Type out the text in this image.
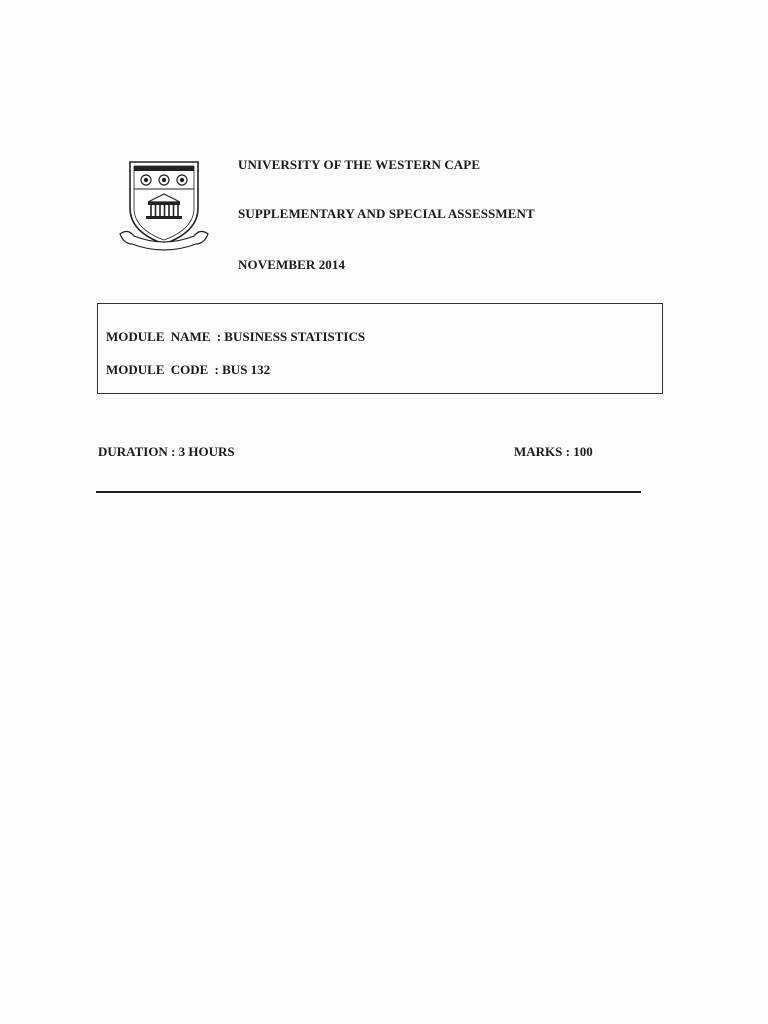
UNIVERSITY OF THE WESTERN CAPE
SUPPLEMENTARY AND SPECIAL ASSESSMENT
NOVEMBER 2014
MODULE NAME : BUSINESS STATISTICS
MODULE CODE : BUS 132
DURATION : 3 HOURS	MARKS : 100
